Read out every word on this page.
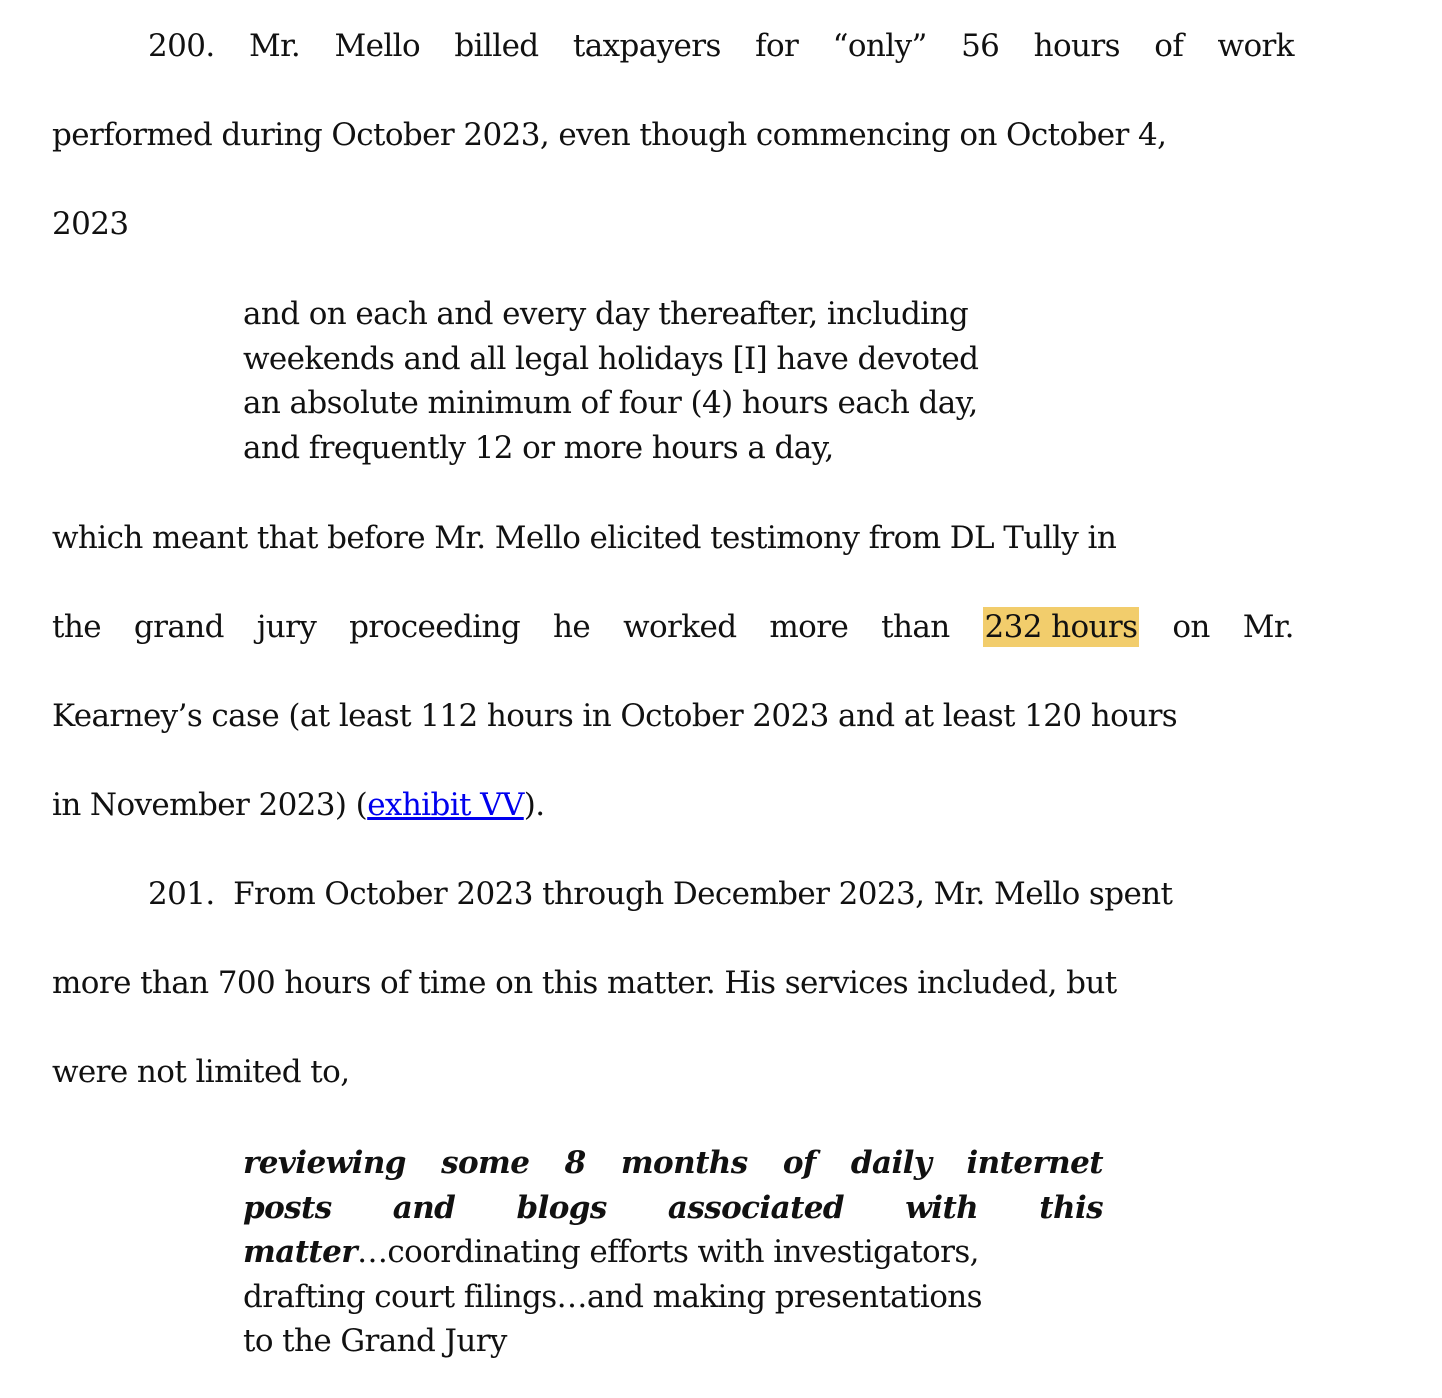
200. Mr. Mello billed taxpayers for “only” 56 hours of work
performed during October 2023, even though commencing on October 4,
2023
and on each and every day thereafter, including
weekends and all legal holidays [I] have devoted
an absolute minimum of four (4) hours each day,
and frequently 12 or more hours a day,
which meant that before Mr. Mello elicited testimony from DL Tully in
the grand jury proceeding he worked more than 232 hours on Mr.
Kearney’s case (at least 112 hours in October 2023 and at least 120 hours
in November 2023) ( exhibit VV ).
201.
From October 2023 through December 2023, Mr. Mello spent
more than 700 hours of time on this matter. His services included, but
were not limited to,
reviewing some 8 months of daily internet
posts and blogs associated with this
matter …coordinating efforts with investigators,
drafting court filings…and making presentations
to the Grand Jury
